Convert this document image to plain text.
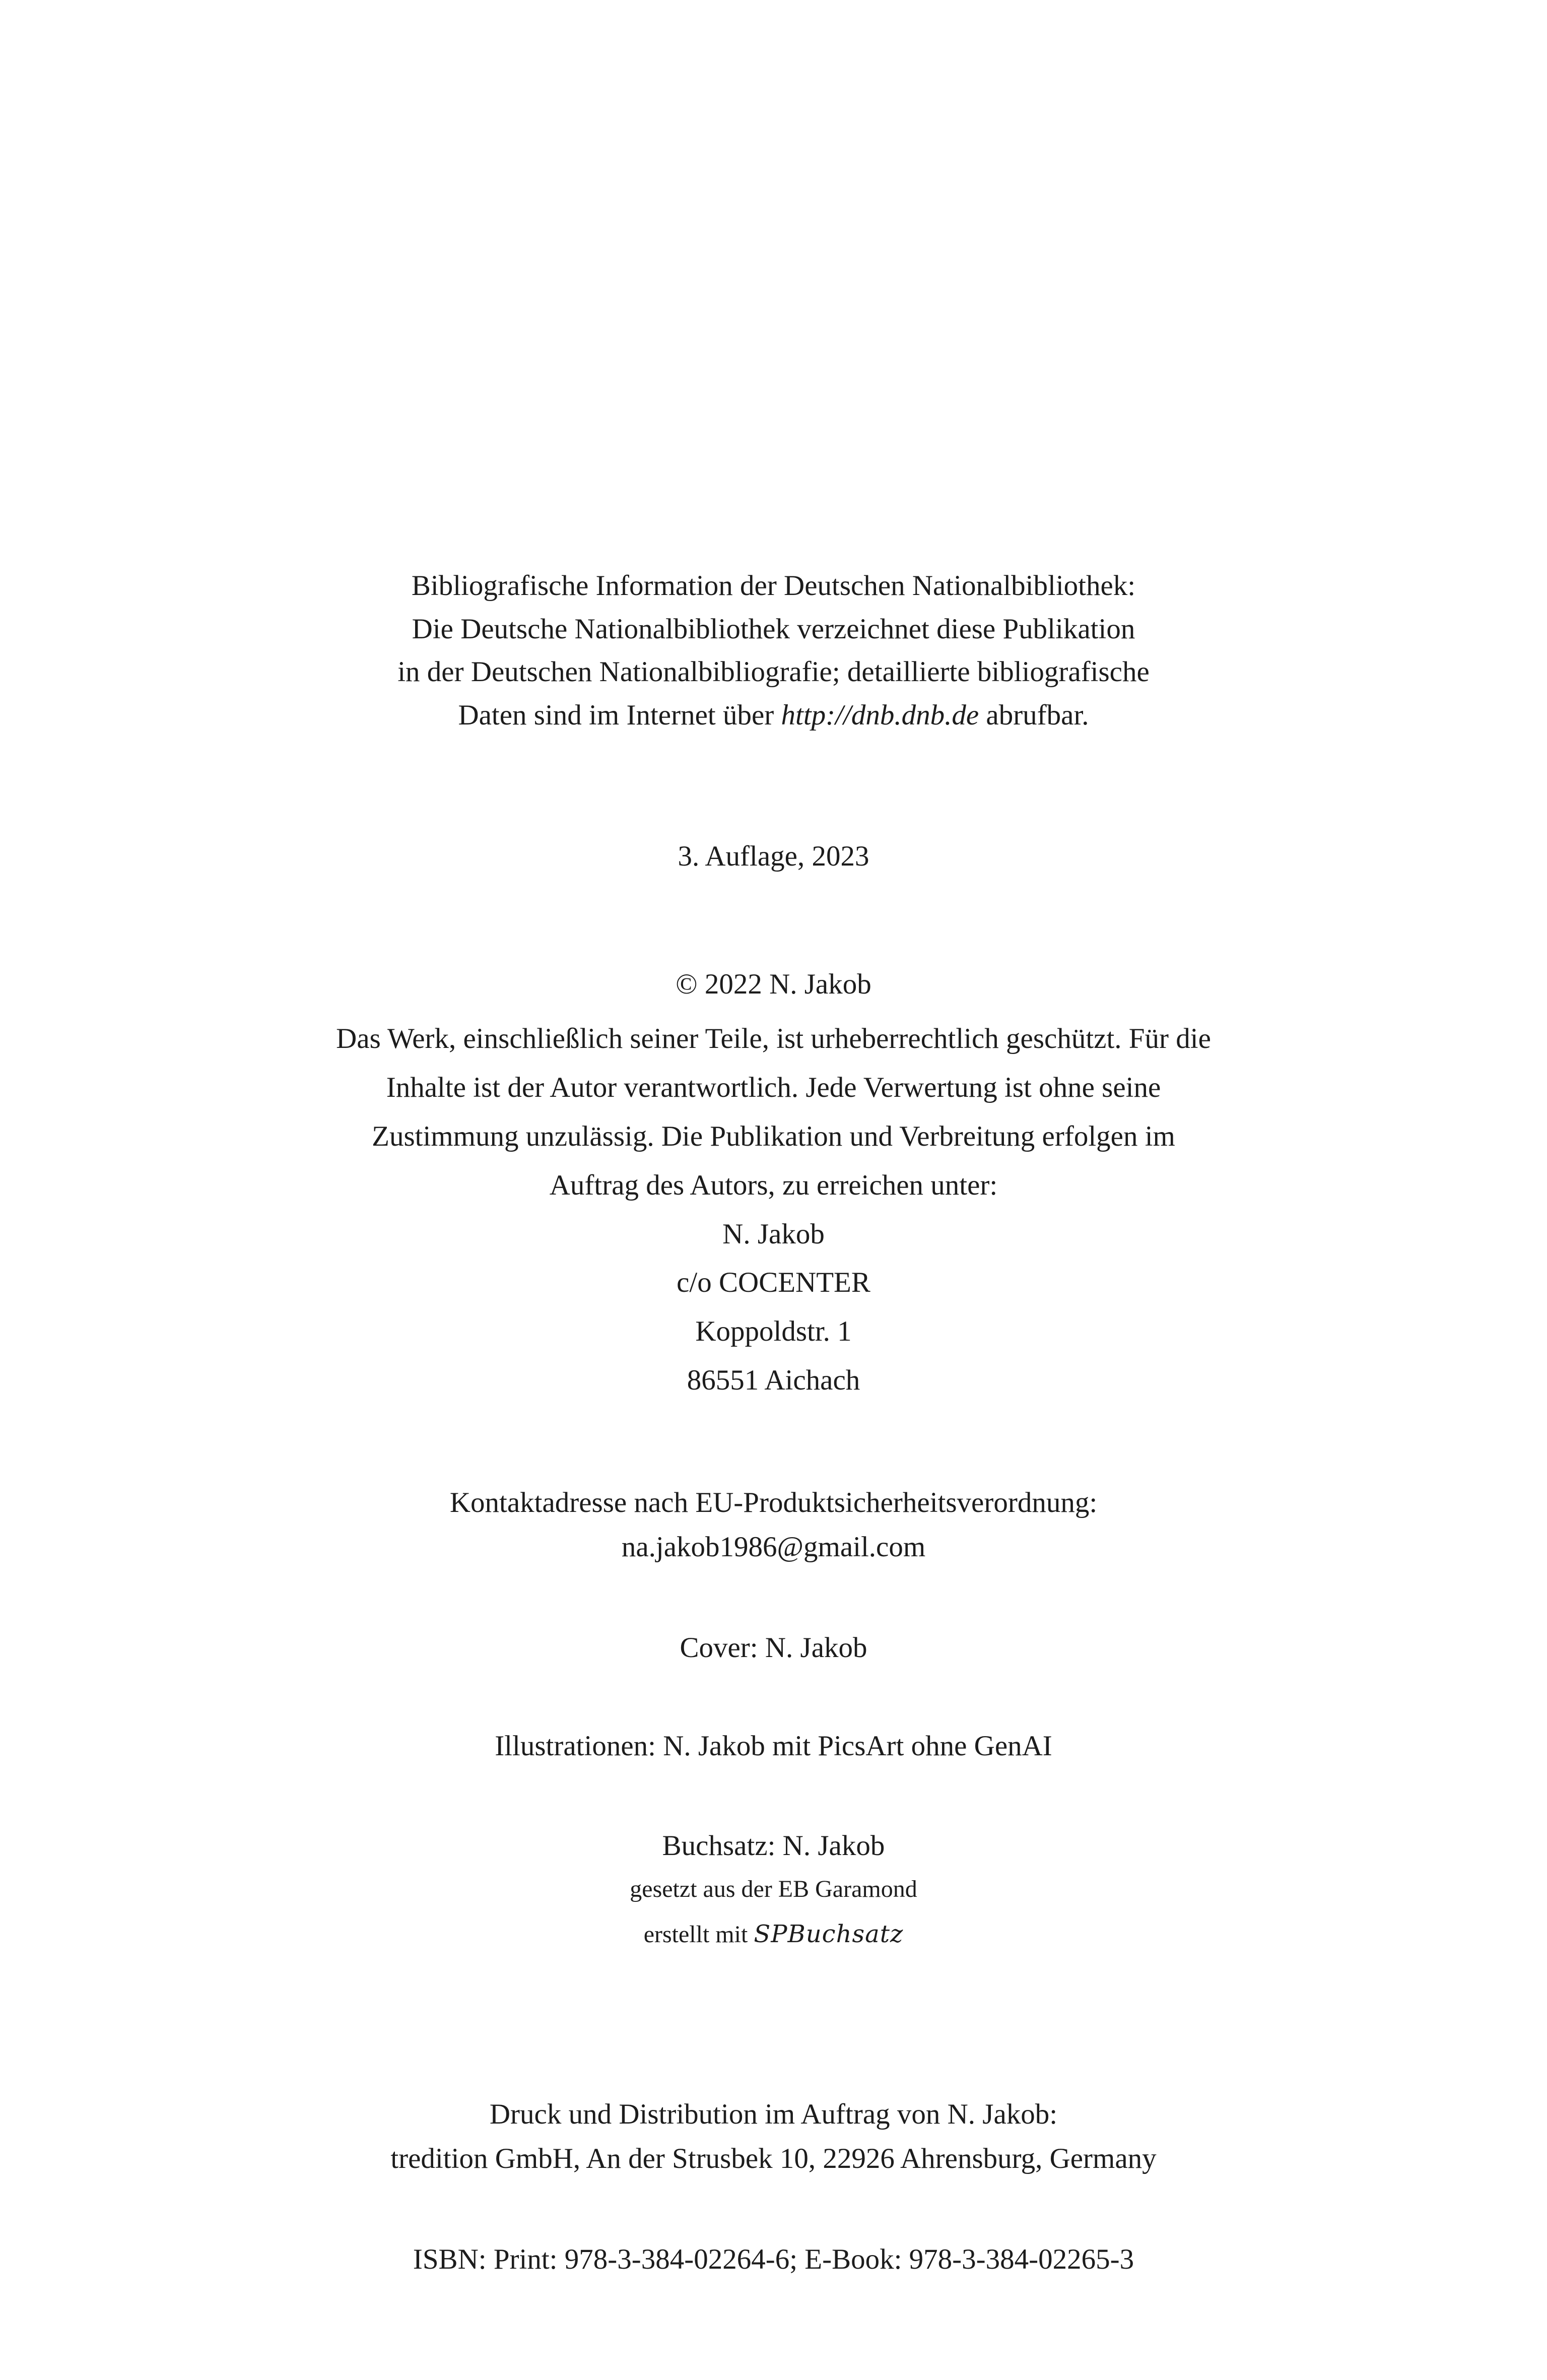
Bibliografische Information der Deutschen Nationalbibliothek:
Die Deutsche Nationalbibliothek verzeichnet diese Publikation
in der Deutschen Nationalbibliografie; detaillierte bibliografische
Daten sind im Internet über http://dnb.dnb.de abrufbar.

3. Auflage, 2023

© 2022 N. Jakob

Das Werk, einschließlich seiner Teile, ist urheberrechtlich geschützt. Für die
Inhalte ist der Autor verantwortlich. Jede Verwertung ist ohne seine
Zustimmung unzulässig. Die Publikation und Verbreitung erfolgen im
Auftrag des Autors, zu erreichen unter:
N. Jakob
c/o COCENTER
Koppoldstr. 1
86551 Aichach

Kontaktadresse nach EU-Produktsicherheitsverordnung:
na.jakob1986@gmail.com

Cover: N. Jakob

Illustrationen: N. Jakob mit PicsArt ohne GenAI

Buchsatz: N. Jakob
gesetzt aus der EB Garamond
erstellt mit SPBuchsatz

Druck und Distribution im Auftrag von N. Jakob:
tredition GmbH, An der Strusbek 10, 22926 Ahrensburg, Germany

ISBN: Print: 978-3-384-02264-6; E-Book: 978-3-384-02265-3
